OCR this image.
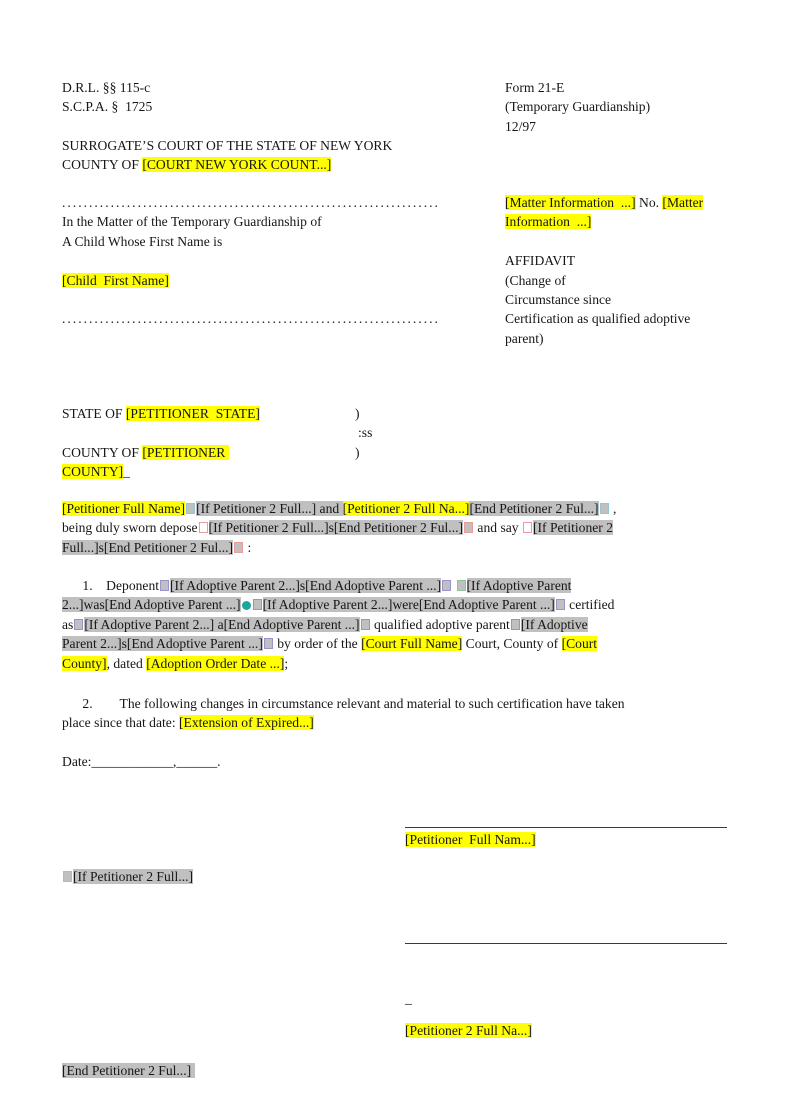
D.R.L. §§ 115-c
S.C.P.A. §  1725
Form 21-E
(Temporary Guardianship)
12/97
SURROGATE’S COURT OF THE STATE OF NEW YORK
COUNTY OF [COURT NEW YORK COUNT...]
......................................................................
In the Matter of the Temporary Guardianship of
A Child Whose First Name is

[Child  First Name]

......................................................................

[Matter Information  ...] No. [Matter
Information  ...]

AFFIDAVIT
(Change of
Circumstance since
Certification as qualified adoptive
parent)
STATE OF [PETITIONER  STATE]	)
:ss
COUNTY OF [PETITIONER	)
COUNTY]_
[Petitioner Full Name] [If Petitioner 2 Full...] and [Petitioner 2 Full Na...][End Petitioner 2 Ful...] ,
being duly sworn depose [If Petitioner 2 Full...]s[End Petitioner 2 Ful...] and say [If Petitioner 2
Full...]s[End Petitioner 2 Ful...] :
1.    Deponent [If Adoptive Parent 2...]s[End Adoptive Parent ...] [If Adoptive Parent
2...]was[End Adoptive Parent ...] [If Adoptive Parent 2...]were[End Adoptive Parent ...] certified
as [If Adoptive Parent 2...] a[End Adoptive Parent ...] qualified adoptive parent [If Adoptive
Parent 2...]s[End Adoptive Parent ...] by order of the [Court Full Name] Court, County of [Court
County], dated [Adoption Order Date ...];
2.        The following changes in circumstance relevant and material to such certification have taken
place since that date: [Extension of Expired...]
Date:____________,______.
[Petitioner  Full Nam...]
[If Petitioner 2 Full...]
_
[Petitioner 2 Full Na...]
[End Petitioner 2 Ful...]
